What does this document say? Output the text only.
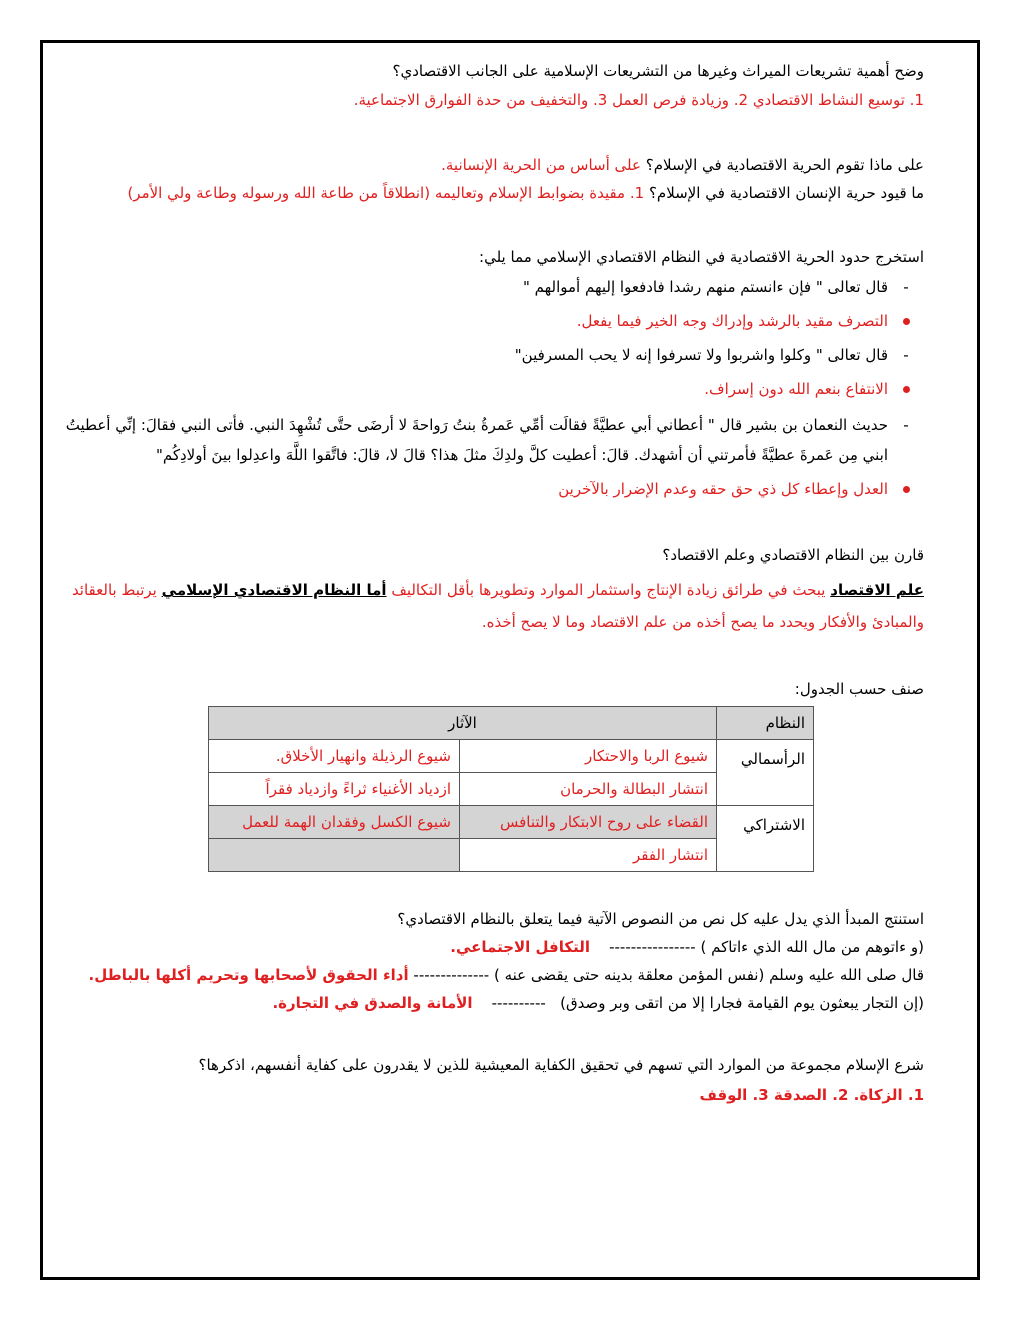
وضح أهمية تشريعات الميراث وغيرها من التشريعات الإسلامية على الجانب الاقتصادي؟
1. توسيع النشاط الاقتصادي 2. وزيادة فرص العمل 3. والتخفيف من حدة الفوارق الاجتماعية.
على ماذا تقوم الحرية الاقتصادية في الإسلام؟ على أساس من الحرية الإنسانية.
ما قيود حرية الإنسان الاقتصادية في الإسلام؟ 1. مقيدة بضوابط الإسلام وتعاليمه (انطلاقاً من طاعة الله ورسوله وطاعة ولي الأمر)
استخرج حدود الحرية الاقتصادية في النظام الاقتصادي الإسلامي مما يلي:
-
قال تعالى " فإن ءانستم منهم رشدا فادفعوا إليهم أموالهم "
التصرف مقيد بالرشد وإدراك وجه الخير فيما يفعل.
-
قال تعالى " وكلوا واشربوا ولا تسرفوا إنه لا يحب المسرفين"
الانتفاع بنعم الله دون إسراف.
-
حديث النعمان بن بشير قال " أعطاني أبي عطيَّةً فقالَت أمِّي عَمرةُ بنتُ رَواحةَ لا أرضَى حتَّى تُشْهِدَ النبي. فأتى النبي فقالَ: إنِّي أعطيتُ ابني مِن عَمرةَ عطيَّةً فأمرتني أن أشهدك. قالَ: أعطيت كلَّ ولدِكَ مثلَ هذا؟ قالَ لا، قالَ: فاتَّقوا اللَّهَ واعدِلوا بينَ أولادِكُم"
العدل وإعطاء كل ذي حق حقه وعدم الإضرار بالآخرين
قارن بين النظام الاقتصادي وعلم الاقتصاد؟
علم الاقتصاد يبحث في طرائق زيادة الإنتاج واستثمار الموارد وتطويرها بأقل التكاليف أما النظام الاقتصادي الإسلامي يرتبط بالعقائد والمبادئ والأفكار ويحدد ما يصح أخذه من علم الاقتصاد وما لا يصح أخذه.
صنف حسب الجدول:
النظام	الآثار	
الرأسمالي	شيوع الربا والاحتكار	شيوع الرذيلة وانهيار الأخلاق.
	انتشار البطالة والحرمان	ازدياد الأغنياء ثراءً وازدياد فقراً
الاشتراكي	القضاء على روح الابتكار والتنافس	شيوع الكسل وفقدان الهمة للعمل
	انتشار الفقر	
استنتج المبدأ الذي يدل عليه كل نص من النصوص الآتية فيما يتعلق بالنظام الاقتصادي؟
(و ءاتوهم من مال الله الذي ءاتاكم ) ----------------    التكافل الاجتماعي.
قال صلى الله عليه وسلم (نفس المؤمن معلقة بدينه حتى يقضى عنه ) -------------- أداء الحقوق لأصحابها وتحريم أكلها بالباطل.
(إن التجار يبعثون يوم القيامة فجارا إلا من اتقى وبر وصدق)   ----------    الأمانة والصدق في التجارة.
شرع الإسلام مجموعة من الموارد التي تسهم في تحقيق الكفاية المعيشية للذين لا يقدرون على كفاية أنفسهم، اذكرها؟
1. الزكاة. 2. الصدقة 3. الوقف
